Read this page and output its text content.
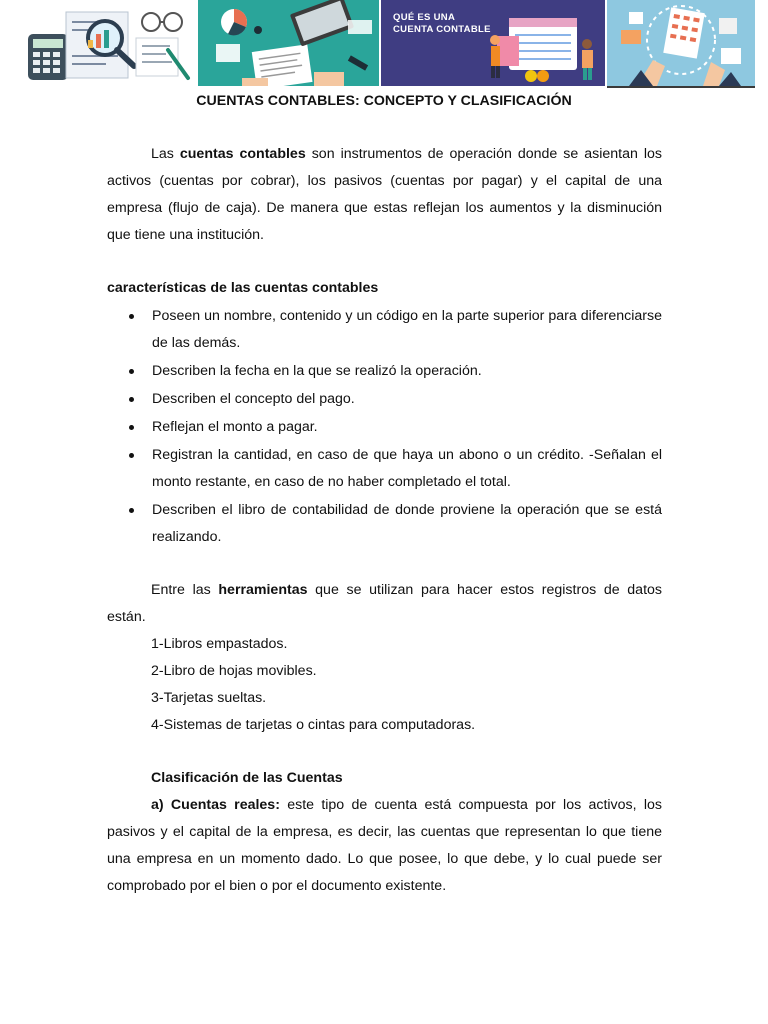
QUÉ ES UNA
CUENTA CONTABLE
CUENTAS CONTABLES: CONCEPTO Y CLASIFICACIÓN

Las cuentas contables son instrumentos de operación donde se asientan los activos (cuentas por cobrar), los pasivos (cuentas por pagar) y el capital de una empresa (flujo de caja). De manera que estas reflejan los aumentos y la disminución que tiene una institución.

características de las cuentas contables

Poseen un nombre, contenido y un código en la parte superior para diferenciarse de las demás.
Describen la fecha en la que se realizó la operación.
Describen el concepto del pago.
Reflejan el monto a pagar.
Registran la cantidad, en caso de que haya un abono o un crédito. -Señalan el monto restante, en caso de no haber completado el total.
Describen el libro de contabilidad de donde proviene la operación que se está realizando.

Entre las herramientas que se utilizan para hacer estos registros de datos están.

1-Libros empastados.

2-Libro de hojas movibles.

3-Tarjetas sueltas.

4-Sistemas de tarjetas o cintas para computadoras.

Clasificación de las Cuentas

a) Cuentas reales: este tipo de cuenta está compuesta por los activos, los pasivos y el capital de la empresa, es decir, las cuentas que representan lo que tiene una empresa en un momento dado. Lo que posee, lo que debe, y lo cual puede ser comprobado por el bien o por el documento existente.
